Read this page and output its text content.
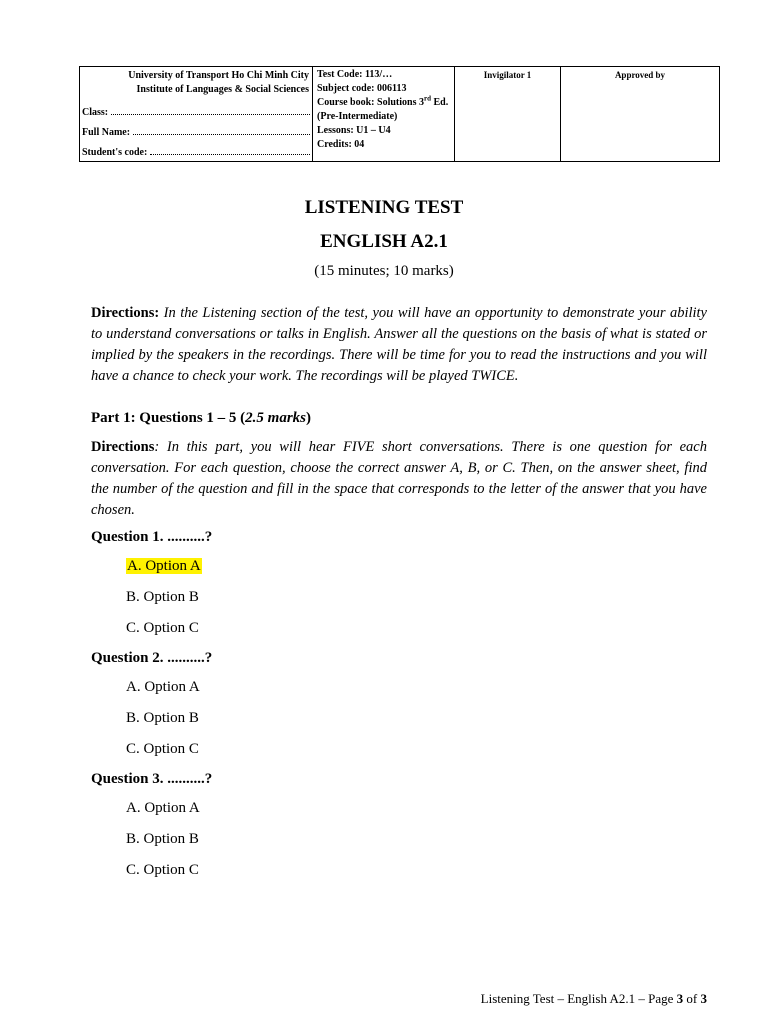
University of Transport Ho Chi Minh City
Institute of Languages & Social Sciences
Class:
Full Name:
Student's code:
Test Code: 113/…
Subject code: 006113
Course book: Solutions 3rd Ed.
(Pre-Intermediate)
Lessons: U1 – U4
Credits: 04
Invigilator 1	Approved by
LISTENING TEST
ENGLISH A2.1
(15 minutes; 10 marks)
Directions: In the Listening section of the test, you will have an opportunity to demonstrate your ability to understand conversations or talks in English. Answer all the questions on the basis of what is stated or implied by the speakers in the recordings. There will be time for you to read the instructions and you will have a chance to check your work. The recordings will be played TWICE.
Part 1: Questions 1 – 5 (2.5 marks)
Directions: In this part, you will hear FIVE short conversations. There is one question for each conversation. For each question, choose the correct answer A, B, or C. Then, on the answer sheet, find the number of the question and fill in the space that corresponds to the letter of the answer that you have chosen.
Question 1. ..........?
A. Option A
B. Option B
C. Option C
Question 2. ..........?
A. Option A
B. Option B
C. Option C
Question 3. ..........?
A. Option A
B. Option B
C. Option C
Listening Test – English A2.1 – Page 3 of 3
